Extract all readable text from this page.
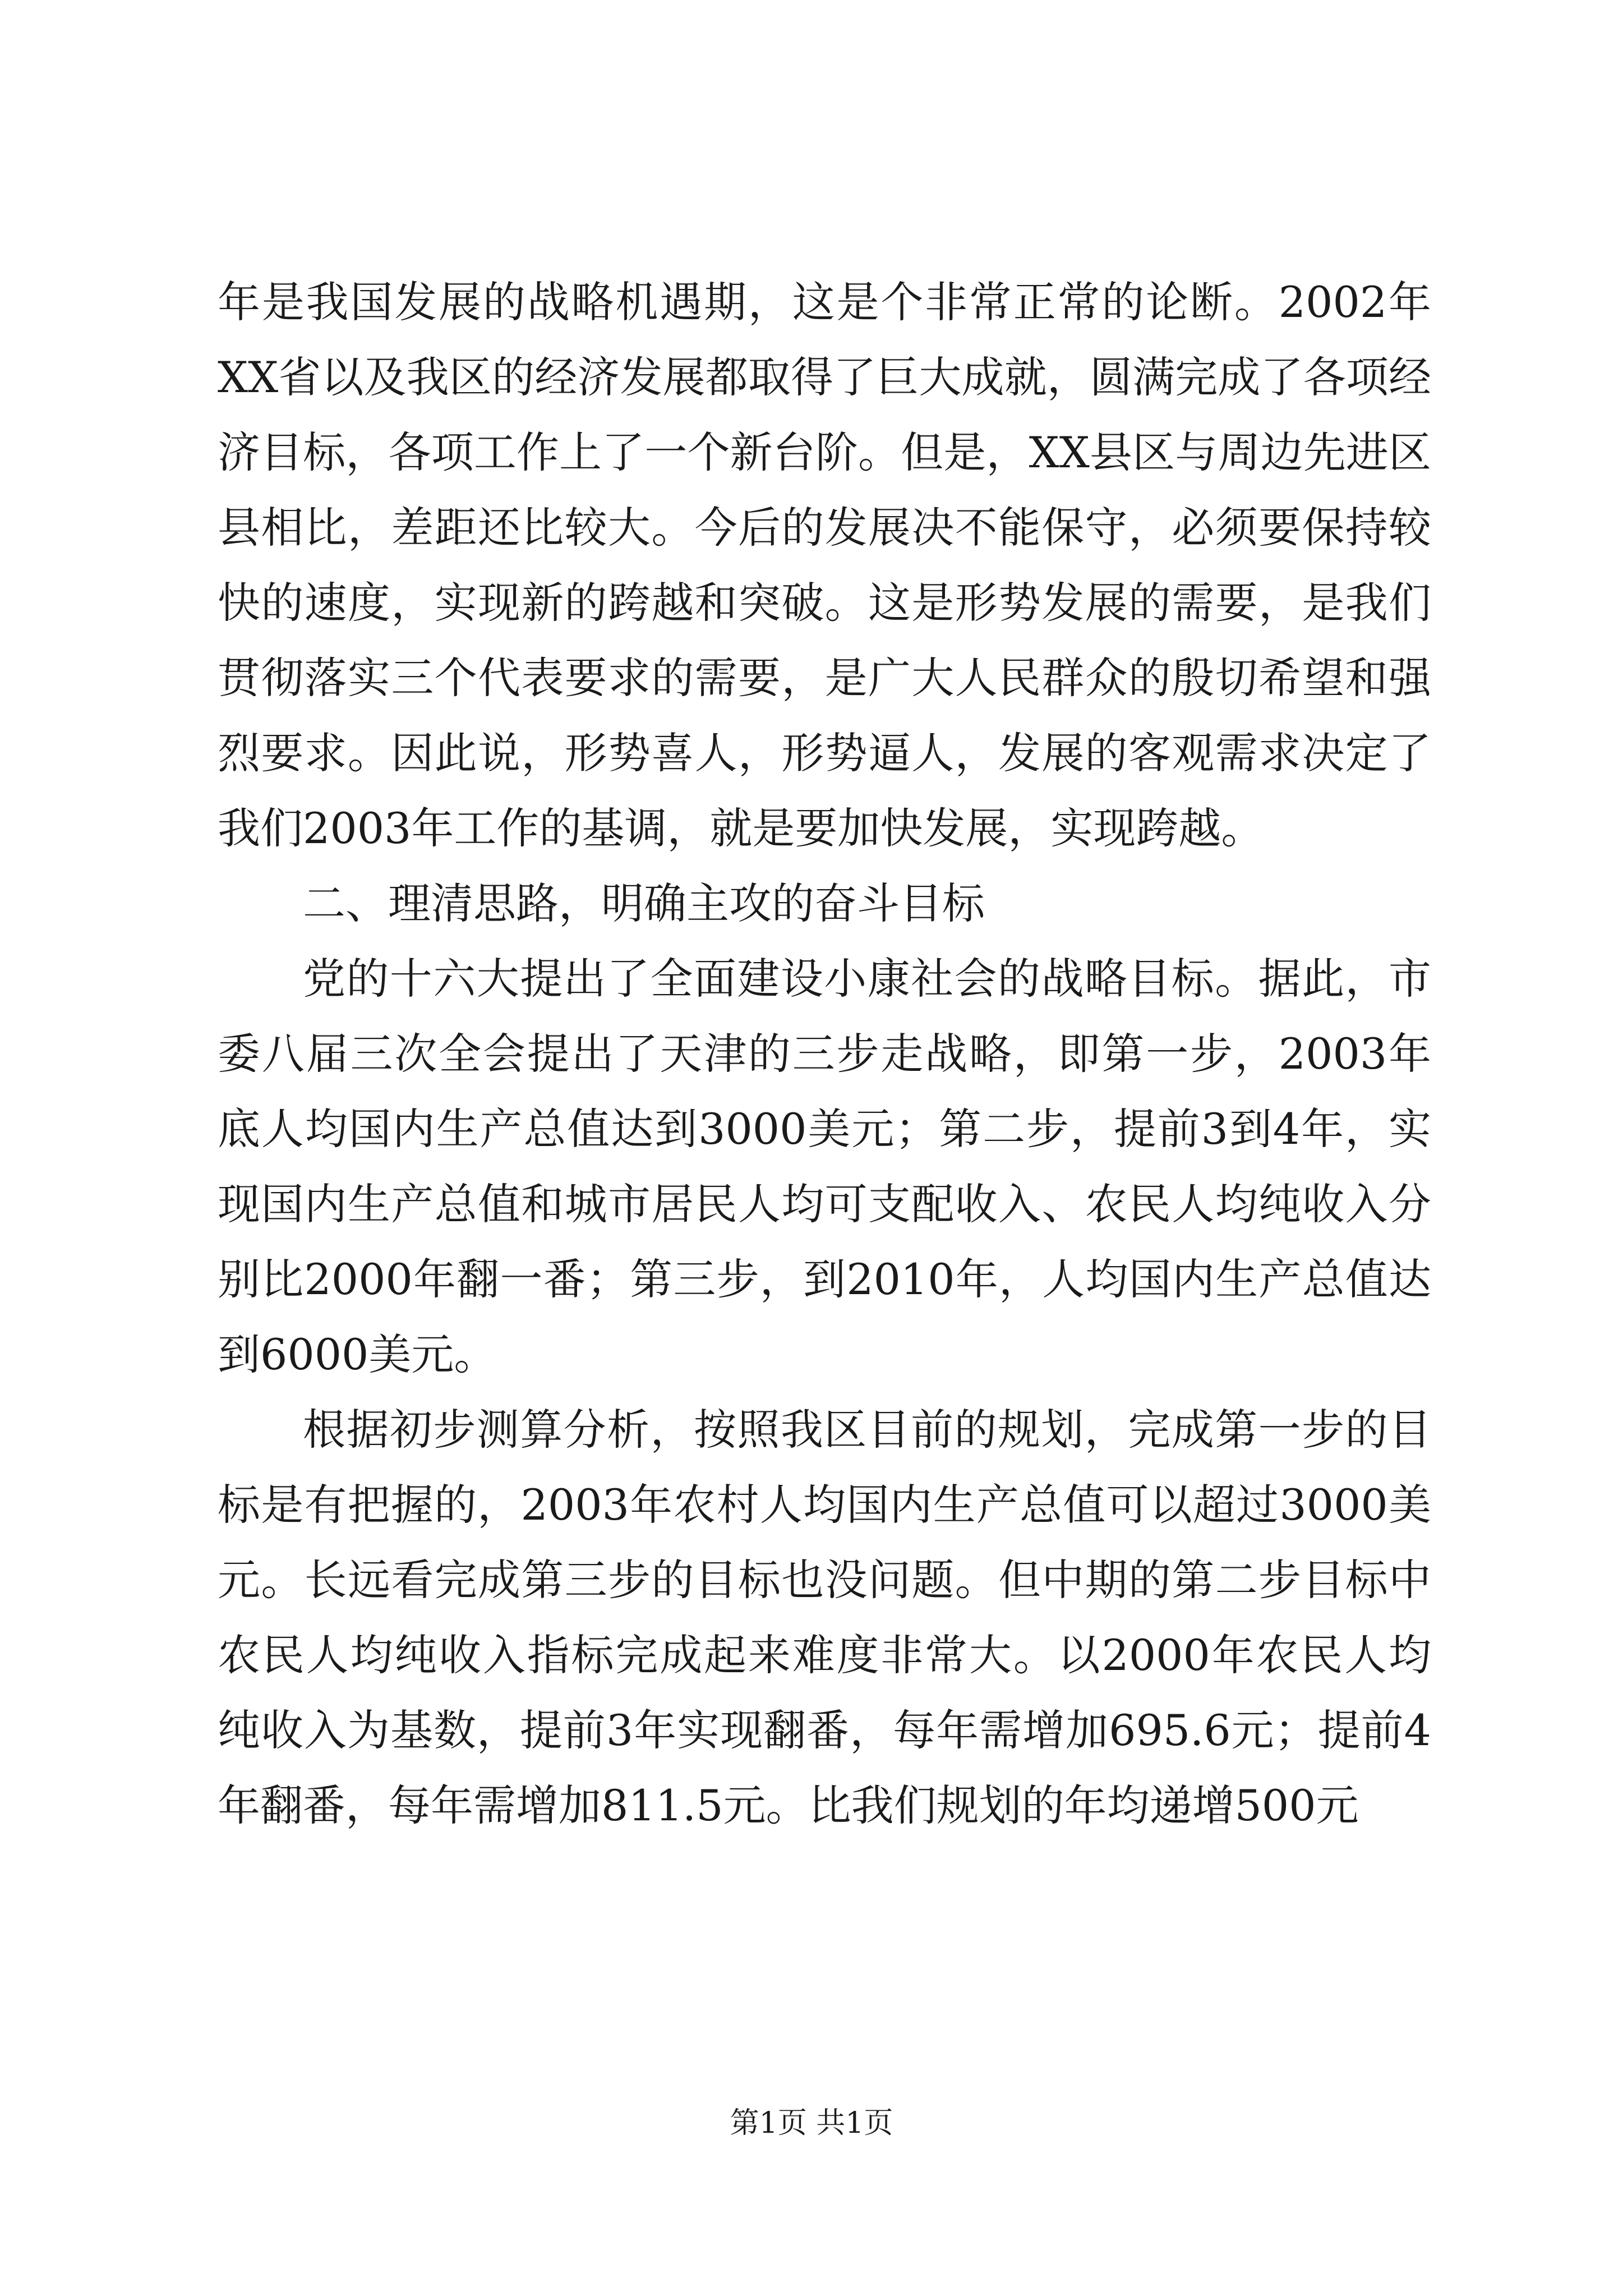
年是我国发展的战略机遇期，这是个非常正常的论断。2002年XX省以及我区的经济发展都取得了巨大成就，圆满完成了各项经济目标，各项工作上了一个新台阶。但是，XX县区与周边先进区县相比，差距还比较大。今后的发展决不能保守，必须要保持较快的速度，实现新的跨越和突破。这是形势发展的需要，是我们贯彻落实三个代表要求的需要，是广大人民群众的殷切希望和强烈要求。因此说，形势喜人，形势逼人，发展的客观需求决定了我们2003年工作的基调，就是要加快发展，实现跨越。

二、理清思路，明确主攻的奋斗目标

党的十六大提出了全面建设小康社会的战略目标。据此，市委八届三次全会提出了天津的三步走战略，即第一步，2003年底人均国内生产总值达到3000美元；第二步，提前3到4年，实现国内生产总值和城市居民人均可支配收入、农民人均纯收入分别比2000年翻一番；第三步，到2010年，人均国内生产总值达到6000美元。

根据初步测算分析，按照我区目前的规划，完成第一步的目标是有把握的，2003年农村人均国内生产总值可以超过3000美元。长远看完成第三步的目标也没问题。但中期的第二步目标中农民人均纯收入指标完成起来难度非常大。以2000年农民人均纯收入为基数，提前3年实现翻番，每年需增加695.6元；提前4年翻番，每年需增加811.5元。比我们规划的年均递增500元

第1页 共1页
